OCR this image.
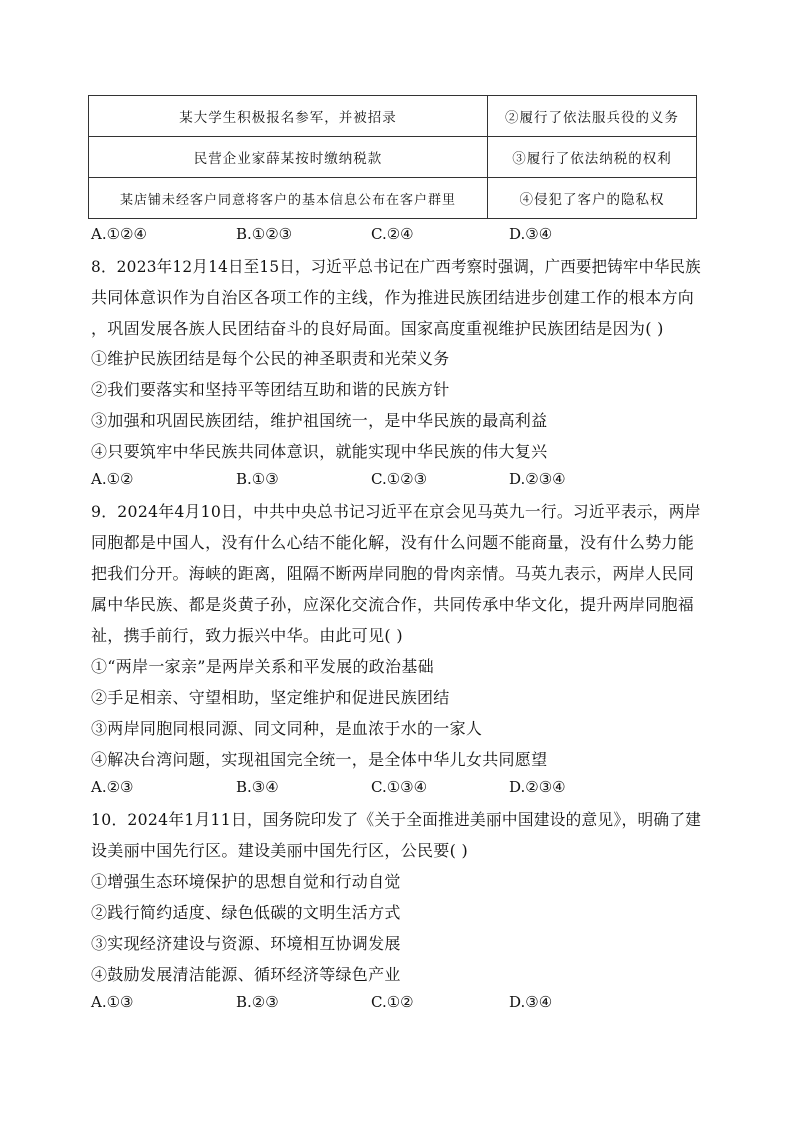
某大学生积极报名参军，并被招录	②履行了依法服兵役的义务
民营企业家薛某按时缴纳税款	③履行了依法纳税的权利
某店铺未经客户同意将客户的基本信息公布在客户群里	④侵犯了客户的隐私权
A.①②④	B.①②③	C.②④	D.③④
8．2023年12月14日至15日，习近平总书记在广西考察时强调，广西要把铸牢中华民族
共同体意识作为自治区各项工作的主线，作为推进民族团结进步创建工作的根本方向
，巩固发展各族人民团结奋斗的良好局面。国家高度重视维护民族团结是因为( )
①维护民族团结是每个公民的神圣职责和光荣义务
②我们要落实和坚持平等团结互助和谐的民族方针
③加强和巩固民族团结，维护祖国统一，是中华民族的最高利益
④只要筑牢中华民族共同体意识，就能实现中华民族的伟大复兴
A.①②	B.①③	C.①②③	D.②③④
9．2024年4月10日，中共中央总书记习近平在京会见马英九一行。习近平表示，两岸
同胞都是中国人，没有什么心结不能化解，没有什么问题不能商量，没有什么势力能
把我们分开。海峡的距离，阻隔不断两岸同胞的骨肉亲情。马英九表示，两岸人民同
属中华民族、都是炎黄子孙，应深化交流合作，共同传承中华文化，提升两岸同胞福
祉，携手前行，致力振兴中华。由此可见( )
①“两岸一家亲”是两岸关系和平发展的政治基础
②手足相亲、守望相助，坚定维护和促进民族团结
③两岸同胞同根同源、同文同种，是血浓于水的一家人
④解决台湾问题，实现祖国完全统一，是全体中华儿女共同愿望
A.②③	B.③④	C.①③④	D.②③④
10．2024年1月11日，国务院印发了《关于全面推进美丽中国建设的意见》，明确了建
设美丽中国先行区。建设美丽中国先行区，公民要( )
①增强生态环境保护的思想自觉和行动自觉
②践行简约适度、绿色低碳的文明生活方式
③实现经济建设与资源、环境相互协调发展
④鼓励发展清洁能源、循环经济等绿色产业
A.①③	B.②③	C.①②	D.③④
